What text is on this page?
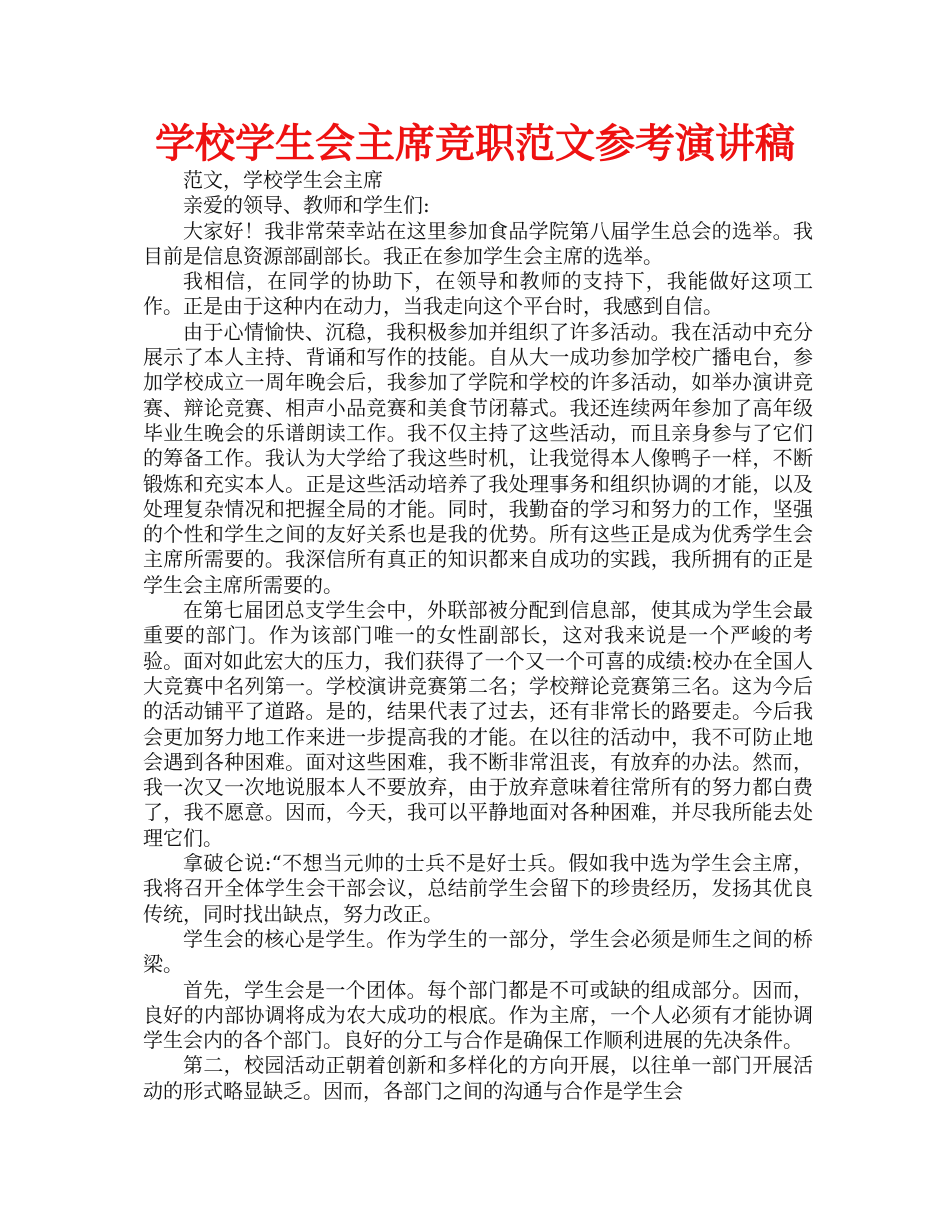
学校学生会主席竞职范文参考演讲稿

范文，学校学生会主席

亲爱的领导、教师和学生们:

大家好！我非常荣幸站在这里参加食品学院第八届学生总会的选举。我目前是信息资源部副部长。我正在参加学生会主席的选举。

我相信，在同学的协助下，在领导和教师的支持下，我能做好这项工作。正是由于这种内在动力，当我走向这个平台时，我感到自信。

由于心情愉快、沉稳，我积极参加并组织了许多活动。我在活动中充分展示了本人主持、背诵和写作的技能。自从大一成功参加学校广播电台，参加学校成立一周年晚会后，我参加了学院和学校的许多活动，如举办演讲竞赛、辩论竞赛、相声小品竞赛和美食节闭幕式。我还连续两年参加了高年级毕业生晚会的乐谱朗读工作。我不仅主持了这些活动，而且亲身参与了它们的筹备工作。我认为大学给了我这些时机，让我觉得本人像鸭子一样，不断锻炼和充实本人。正是这些活动培养了我处理事务和组织协调的才能，以及处理复杂情况和把握全局的才能。同时，我勤奋的学习和努力的工作，坚强的个性和学生之间的友好关系也是我的优势。所有这些正是成为优秀学生会主席所需要的。我深信所有真正的知识都来自成功的实践，我所拥有的正是学生会主席所需要的。

在第七届团总支学生会中，外联部被分配到信息部，使其成为学生会最重要的部门。作为该部门唯一的女性副部长，这对我来说是一个严峻的考验。面对如此宏大的压力，我们获得了一个又一个可喜的成绩:校办在全国人大竞赛中名列第一。学校演讲竞赛第二名；学校辩论竞赛第三名。这为今后的活动铺平了道路。是的，结果代表了过去，还有非常长的路要走。今后我会更加努力地工作来进一步提高我的才能。在以往的活动中，我不可防止地会遇到各种困难。面对这些困难，我不断非常沮丧，有放弃的办法。然而，我一次又一次地说服本人不要放弃，由于放弃意味着往常所有的努力都白费了，我不愿意。因而，今天，我可以平静地面对各种困难，并尽我所能去处理它们。

拿破仑说:“不想当元帅的士兵不是好士兵。假如我中选为学生会主席，我将召开全体学生会干部会议，总结前学生会留下的珍贵经历，发扬其优良传统，同时找出缺点，努力改正。

学生会的核心是学生。作为学生的一部分，学生会必须是师生之间的桥梁。

首先，学生会是一个团体。每个部门都是不可或缺的组成部分。因而，良好的内部协调将成为农大成功的根底。作为主席，一个人必须有才能协调学生会内的各个部门。良好的分工与合作是确保工作顺利进展的先决条件。

第二，校园活动正朝着创新和多样化的方向开展，以往单一部门开展活动的形式略显缺乏。因而，各部门之间的沟通与合作是学生会
